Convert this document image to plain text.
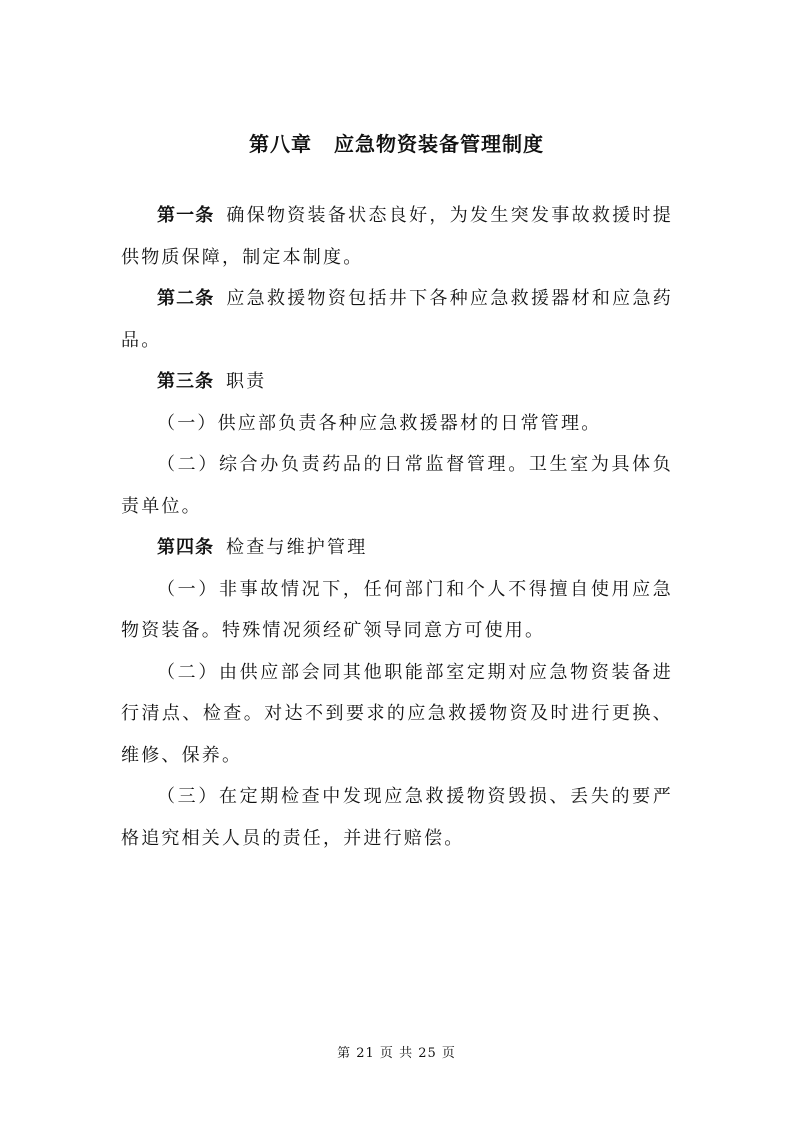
第八章 应急物资装备管理制度

第一条 确保物资装备状态良好，为发生突发事故救援时提供物质保障，制定本制度。

第二条 应急救援物资包括井下各种应急救援器材和应急药品。

第三条 职责

（一）供应部负责各种应急救援器材的日常管理。

（二）综合办负责药品的日常监督管理。卫生室为具体负责单位。

第四条 检查与维护管理

（一）非事故情况下，任何部门和个人不得擅自使用应急物资装备。特殊情况须经矿领导同意方可使用。

（二）由供应部会同其他职能部室定期对应急物资装备进行清点、检查。对达不到要求的应急救援物资及时进行更换、维修、保养。

（三）在定期检查中发现应急救援物资毁损、丢失的要严格追究相关人员的责任，并进行赔偿。

第 21 页 共 25 页
